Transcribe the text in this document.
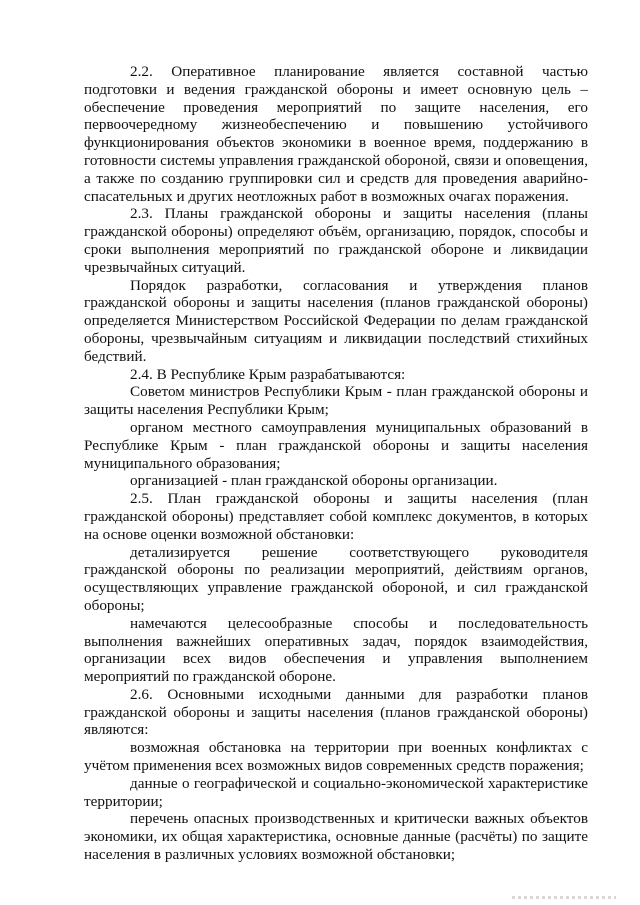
2.2. Оперативное планирование является составной частью подготовки и ведения гражданской обороны и имеет основную цель – обеспечение проведения мероприятий по защите населения, его первоочередному жизнеобеспечению и повышению устойчивого функционирования объектов экономики в военное время, поддержанию в готовности системы управления гражданской обороной, связи и оповещения, а также по созданию группировки сил и средств для проведения аварийно-спасательных и других неотложных работ в возможных очагах поражения.

2.3. Планы гражданской обороны и защиты населения (планы гражданской обороны) определяют объём, организацию, порядок, способы и сроки выполнения мероприятий по гражданской обороне и ликвидации чрезвычайных ситуаций.

Порядок разработки, согласования и утверждения планов гражданской обороны и защиты населения (планов гражданской обороны) определяется Министерством Российской Федерации по делам гражданской обороны, чрезвычайным ситуациям и ликвидации последствий стихийных бедствий.

2.4. В Республике Крым разрабатываются:

Советом министров Республики Крым - план гражданской обороны и защиты населения Республики Крым;

органом местного самоуправления муниципальных образований в Республике Крым - план гражданской обороны и защиты населения муниципального образования;

организацией - план гражданской обороны организации.

2.5. План гражданской обороны и защиты населения (план гражданской обороны) представляет собой комплекс документов, в которых на основе оценки возможной обстановки:

детализируется решение соответствующего руководителя гражданской обороны по реализации мероприятий, действиям органов, осуществляющих управление гражданской обороной, и сил гражданской обороны;

намечаются целесообразные способы и последовательность выполнения важнейших оперативных задач, порядок взаимодействия, организации всех видов обеспечения и управления выполнением мероприятий по гражданской обороне.

2.6. Основными исходными данными для разработки планов гражданской обороны и защиты населения (планов гражданской обороны) являются:

возможная обстановка на территории при военных конфликтах с учётом применения всех возможных видов современных средств поражения;

данные о географической и социально-экономической характеристике территории;

перечень опасных производственных и критически важных объектов экономики, их общая характеристика, основные данные (расчёты) по защите населения в различных условиях возможной обстановки;
